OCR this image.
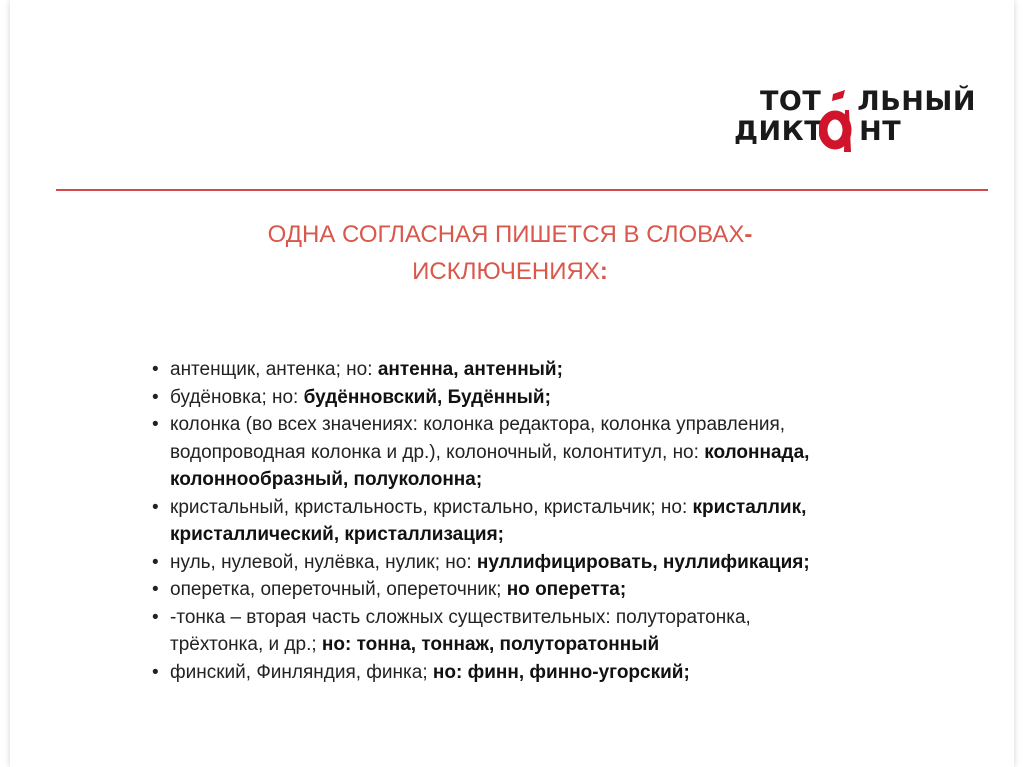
ТОТ ЛЬНЫЙ
ДИКТ НТ
ОДНА СОГЛАСНАЯ ПИШЕТСЯ В СЛОВАХ-
ИСКЛЮЧЕНИЯХ:
• антенщик, антенка; но: антенна, антенный;
• будёновка; но: будённовский, Будённый;
• колонка (во всех значениях: колонка редактора, колонка управления, водопроводная колонка и др.), колоночный, колонтитул, но: колоннада, колоннообразный, полуколонна;
• кристальный, кристальность, кристально, кристальчик; но: кристаллик, кристаллический, кристаллизация;
• нуль, нулевой, нулёвка, нулик; но: нуллифицировать, нуллификация;
• оперетка, опереточный, опереточник; но оперетта;
• -тонка – вторая часть сложных существительных: полуторатонка, трёхтонка, и др.; но: тонна, тоннаж, полуторатонный
• финский, Финляндия, финка; но: финн, финно-угорский;
